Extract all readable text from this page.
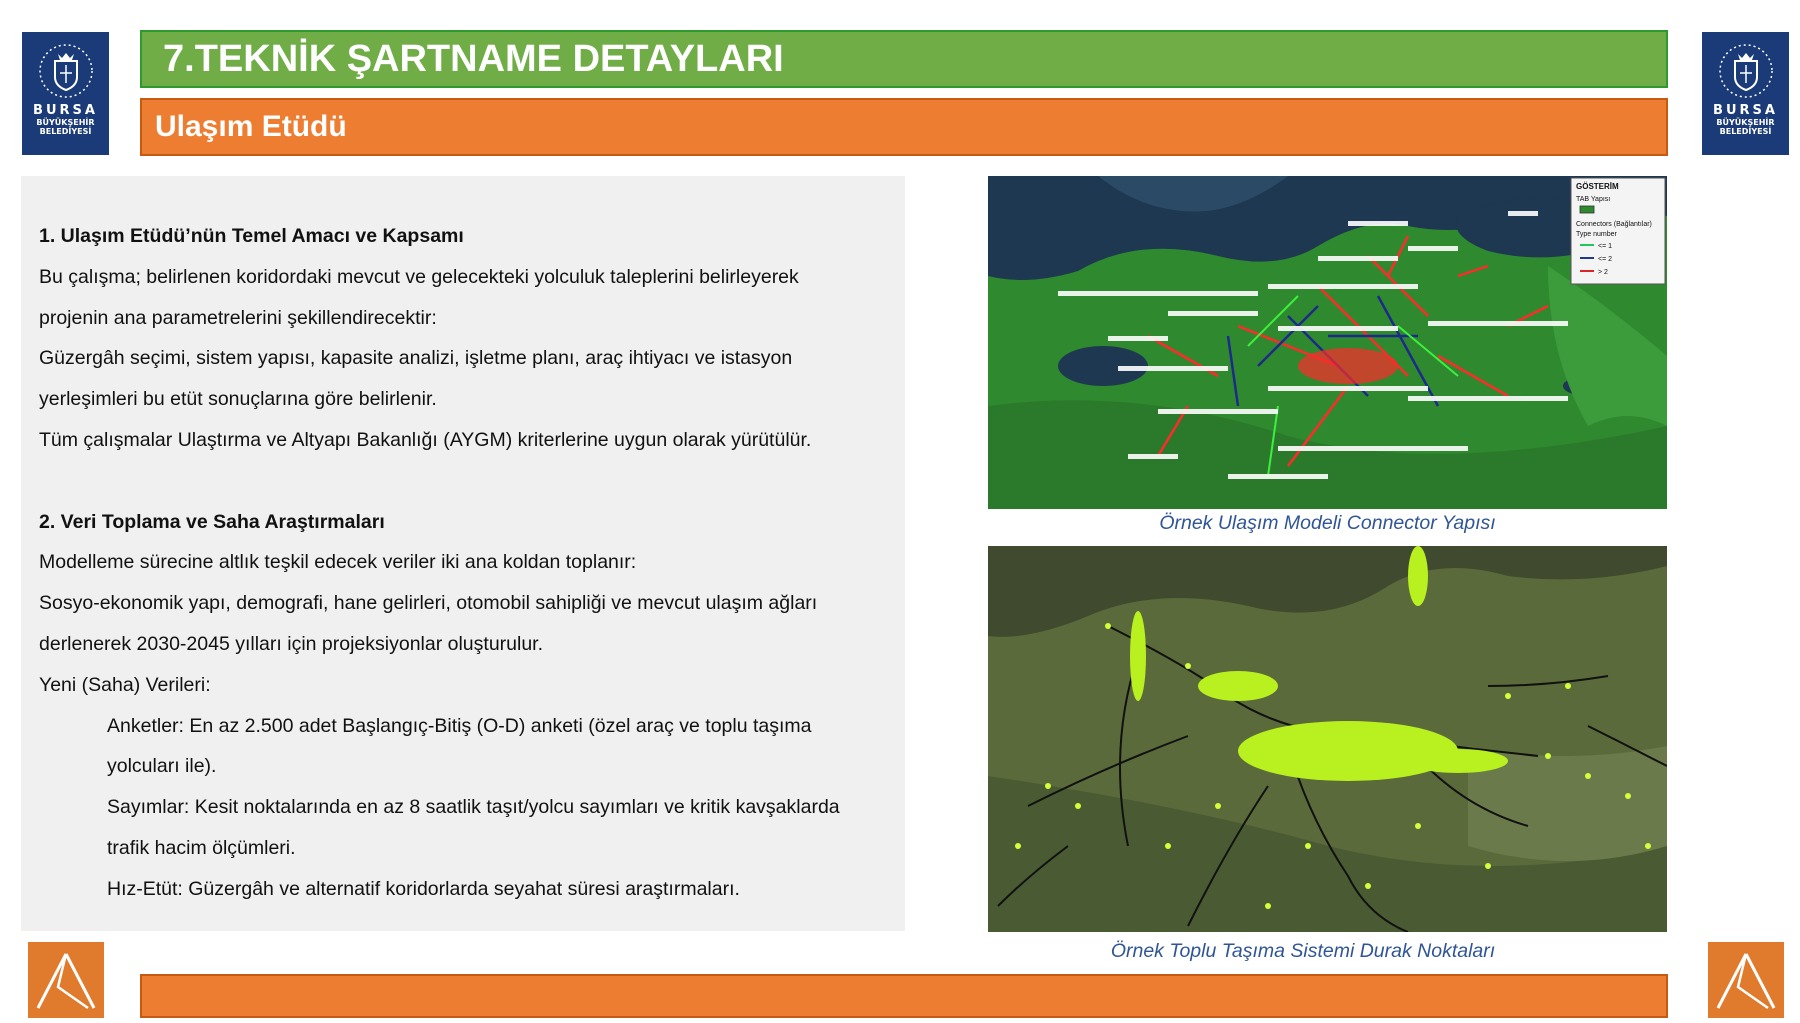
BURSA
BÜYÜKŞEHİR
BELEDİYESİ
BURSA
BÜYÜKŞEHİR
BELEDİYESİ
7.TEKNİK ŞARTNAME DETAYLARI
Ulaşım Etüdü
1. Ulaşım Etüdü’nün Temel Amacı ve Kapsamı

Bu çalışma; belirlenen koridordaki mevcut ve gelecekteki yolculuk taleplerini belirleyerek

projenin ana parametrelerini şekillendirecektir:

Güzergâh seçimi, sistem yapısı, kapasite analizi, işletme planı, araç ihtiyacı ve istasyon

yerleşimleri bu etüt sonuçlarına göre belirlenir.

Tüm çalışmalar Ulaştırma ve Altyapı Bakanlığı (AYGM) kriterlerine uygun olarak yürütülür.

2. Veri Toplama ve Saha Araştırmaları

Modelleme sürecine altlık teşkil edecek veriler iki ana koldan toplanır:

Sosyo-ekonomik yapı, demografi, hane gelirleri, otomobil sahipliği ve mevcut ulaşım ağları

derlenerek 2030-2045 yılları için projeksiyonlar oluşturulur.

Yeni (Saha) Verileri:

Anketler: En az 2.500 adet Başlangıç-Bitiş (O-D) anketi (özel araç ve toplu taşıma

yolcuları ile).

Sayımlar: Kesit noktalarında en az 8 saatlik taşıt/yolcu sayımları ve kritik kavşaklarda

trafik hacim ölçümleri.

Hız-Etüt: Güzergâh ve alternatif koridorlarda seyahat süresi araştırmaları.

GÖSTERİM
TAB Yapısı
Connectors (Bağlantılar)
Type number
<= 1
<= 2
> 2
Örnek Ulaşım Modeli Connector Yapısı
Örnek Toplu Taşıma Sistemi Durak Noktaları
